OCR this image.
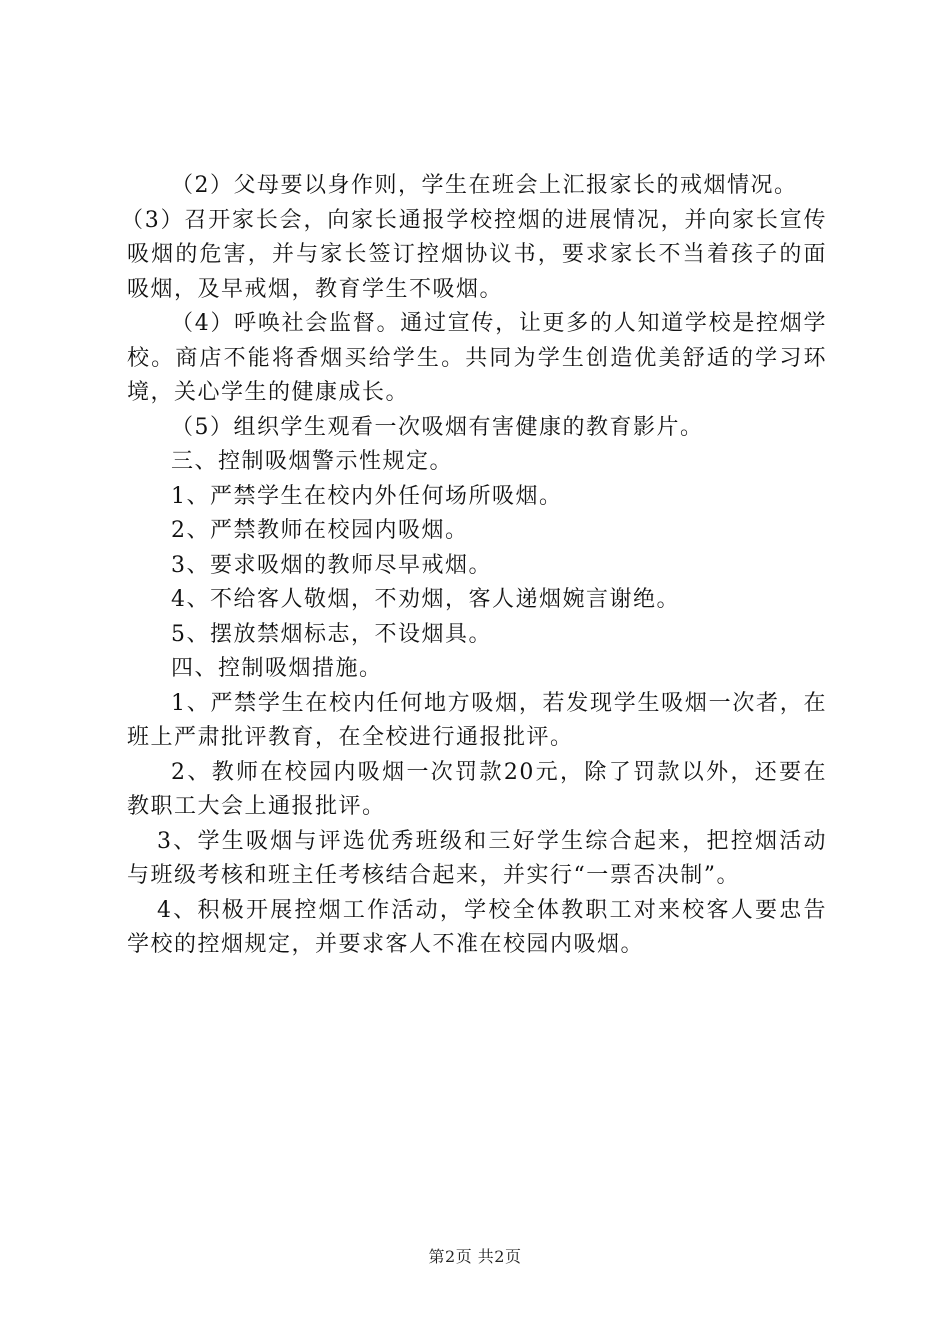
（2）父母要以身作则，学生在班会上汇报家长的戒烟情况。

（3）召开家长会，向家长通报学校控烟的进展情况，并向家长宣传吸烟的危害，并与家长签订控烟协议书，要求家长不当着孩子的面吸烟，及早戒烟，教育学生不吸烟。

（4）呼唤社会监督。通过宣传，让更多的人知道学校是控烟学校。商店不能将香烟买给学生。共同为学生创造优美舒适的学习环境，关心学生的健康成长。

（5）组织学生观看一次吸烟有害健康的教育影片。

三、控制吸烟警示性规定。

1、严禁学生在校内外任何场所吸烟。

2、严禁教师在校园内吸烟。

3、要求吸烟的教师尽早戒烟。

4、不给客人敬烟，不劝烟，客人递烟婉言谢绝。

5、摆放禁烟标志，不设烟具。

四、控制吸烟措施。

1、严禁学生在校内任何地方吸烟，若发现学生吸烟一次者，在班上严肃批评教育，在全校进行通报批评。

2、教师在校园内吸烟一次罚款20元，除了罚款以外，还要在教职工大会上通报批评。

3、学生吸烟与评选优秀班级和三好学生综合起来，把控烟活动与班级考核和班主任考核结合起来，并实行“一票否决制”。

4、积极开展控烟工作活动，学校全体教职工对来校客人要忠告学校的控烟规定，并要求客人不准在校园内吸烟。

第2页 共2页
